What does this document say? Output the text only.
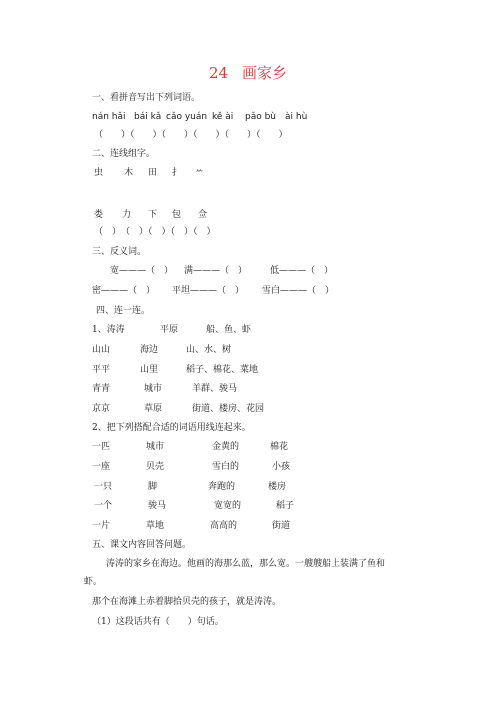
24 画家乡
一、看拼音写出下列词语。
nán hǎi bái kǎ cǎo yuán kě ài pǎo bù ài hù
（　　）（　　）（　　）（　　）（　　）（　　）
二、连线组字。
虫 木 田 扌 ⺮
娄 力 下 包 佥
（　）　（　）（　）（　）（　）
三、反义词。
宽———（　） 满———（　）	低———（　）
密———（　） 平坦———（　） 雪白———（　）
四、连一连。
1、涛涛	平原	船、鱼、虾
山山	海边	山、水、树
平平	山里	稻子、棉花、菜地
青青	城市	羊群、骏马
京京	草原	街道、楼房、花园
2、把下列搭配合适的词语用线连起来。
一匹	城市	金黄的	棉花
一座	贝壳	雪白的	小孩
一只	脚	奔跑的	楼房
一个	骏马	宽宽的	稻子
一片	草地	高高的	街道
五、课文内容回答问题。
涛涛的家乡在海边。他画的海那么蓝，那么宽。一艘艘船上装满了鱼和
虾。
那个在海滩上赤着脚拾贝壳的孩子，就是涛涛。
（1）这段话共有（　　）句话。
